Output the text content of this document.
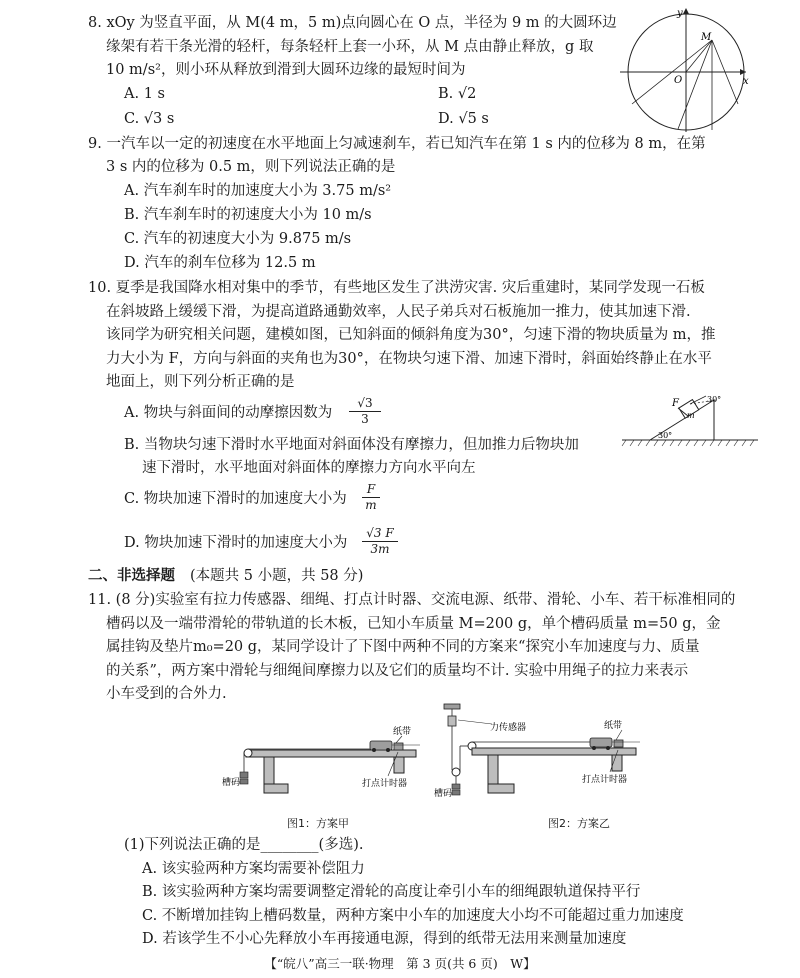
8. xOy 为竖直平面，从 M(4 m，5 m)点向圆心在 O 点，半径为 9 m 的大圆环边
缘架有若干条光滑的轻杆，每条轻杆上套一小环，从 M 点由静止释放，g 取
10 m/s²，则小环从释放到滑到大圆环边缘的最短时间为
A. 1 s	B. √2
C. √3 s	D. √5 s
y
x
O
M
9. 一汽车以一定的初速度在水平地面上匀减速刹车，若已知汽车在第 1 s 内的位移为 8 m，在第
3 s 内的位移为 0.5 m，则下列说法正确的是
A. 汽车刹车时的加速度大小为 3.75 m/s²
B. 汽车刹车时的初速度大小为 10 m/s
C. 汽车的初速度大小为 9.875 m/s
D. 汽车的刹车位移为 12.5 m
10. 夏季是我国降水相对集中的季节，有些地区发生了洪涝灾害. 灾后重建时，某同学发现一石板
在斜坡路上缓缓下滑，为提高道路通勤效率，人民子弟兵对石板施加一推力，使其加速下滑.
该同学为研究相关问题，建模如图，已知斜面的倾斜角度为30°，匀速下滑的物块质量为 m，推
力大小为 F，方向与斜面的夹角也为30°，在物块匀速下滑、加速下滑时，斜面始终静止在水平
地面上，则下列分析正确的是
A. 物块与斜面间的动摩擦因数为 $\frac{√3}{3}$
B. 当物块匀速下滑时水平地面对斜面体没有摩擦力，但加推力后物块加
速下滑时，水平地面对斜面体的摩擦力方向水平向左
C. 物块加速下滑时的加速度大小为 $\frac{F}{m}$
D. 物块加速下滑时的加速度大小为 $\frac{√3 F}{3m}$
F	30°
m
30°
二、非选择题 (本题共 5 小题，共 58 分)
11. (8 分)实验室有拉力传感器、细绳、打点计时器、交流电源、纸带、滑轮、小车、若干标准相同的
槽码以及一端带滑轮的带轨道的长木板，已知小车质量 M=200 g，单个槽码质量 m=50 g，金
属挂钩及垫片m₀=20 g，某同学设计了下图中两种不同的方案来“探究小车加速度与力、质量
的关系”，两方案中滑轮与细绳间摩擦力以及它们的质量均不计. 实验中用绳子的拉力来表示
小车受到的合外力.
纸带
槽码	打点计时器
图1：方案甲
力传感器	纸带
槽码
打点计时器
图2：方案乙
(1)下列说法正确的是________(多选).
A. 该实验两种方案均需要补偿阻力
B. 该实验两种方案均需要调整定滑轮的高度让牵引小车的细绳跟轨道保持平行
C. 不断增加挂钩上槽码数量，两种方案中小车的加速度大小均不可能超过重力加速度
D. 若该学生不小心先释放小车再接通电源，得到的纸带无法用来测量加速度
【“皖八”高三一联·物理　第 3 页(共 6 页)　W】
